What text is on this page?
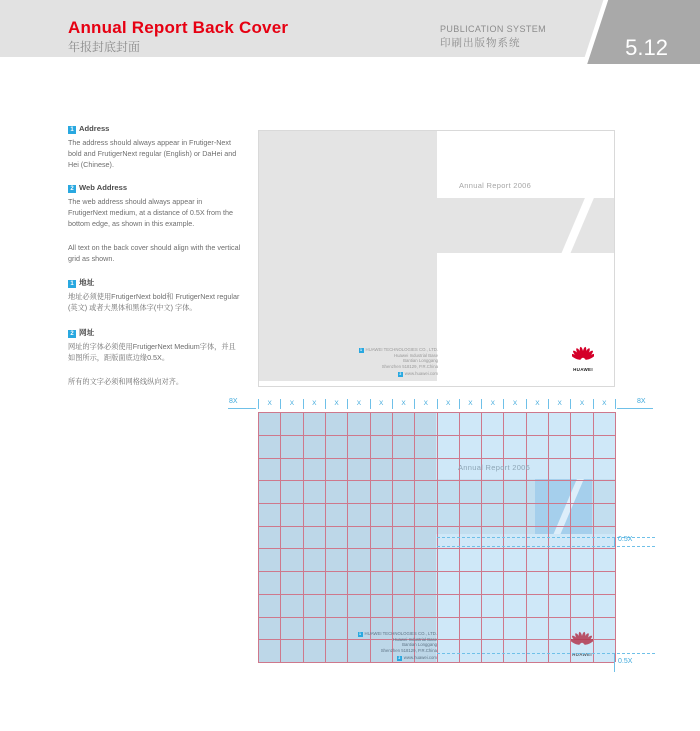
Annual Report Back Cover
年报封底封面
PUBLICATION SYSTEM
印刷出版物系统	5.12
1 Address

The address should always appear in Frutiger-Next bold and FrutigerNext regular (English) or DaHei and Hei (Chinese).

2 Web Address

The web address should always appear in FrutigerNext medium, at a distance of 0.5X from the bottom edge, as shown in this example.

All text on the back cover should align with the vertical grid as shown.

1 地址

地址必须使用FrutigerNext bold和 FrutigerNext regular (英文) 或者大黑体和黑体字(中文) 字体。

2 网址

网址的字体必须使用FrutigerNext Medium字体，并且如图所示，距版面底边缘0.5X。

所有的文字必须和网格线纵向对齐。

Annual Report 2006
1 HUAWEI TECHNOLOGIES CO., LTD.
Huawei Industrial Base
Bantian Longgang
Shenzhen 518129, P.R.China
2 www.huawei.com
HUAWEI
8X	X	X	X	X	X	X	X	X	X	X	X	X	X	X	X	X	8X
Annual Report 2006
1 HUAWEI TECHNOLOGIES CO., LTD.
Huawei Industrial Base
Bantian Longgang
Shenzhen 518129, P.R.China
2 www.huawei.com
HUAWEI
0.5X
0.5X
